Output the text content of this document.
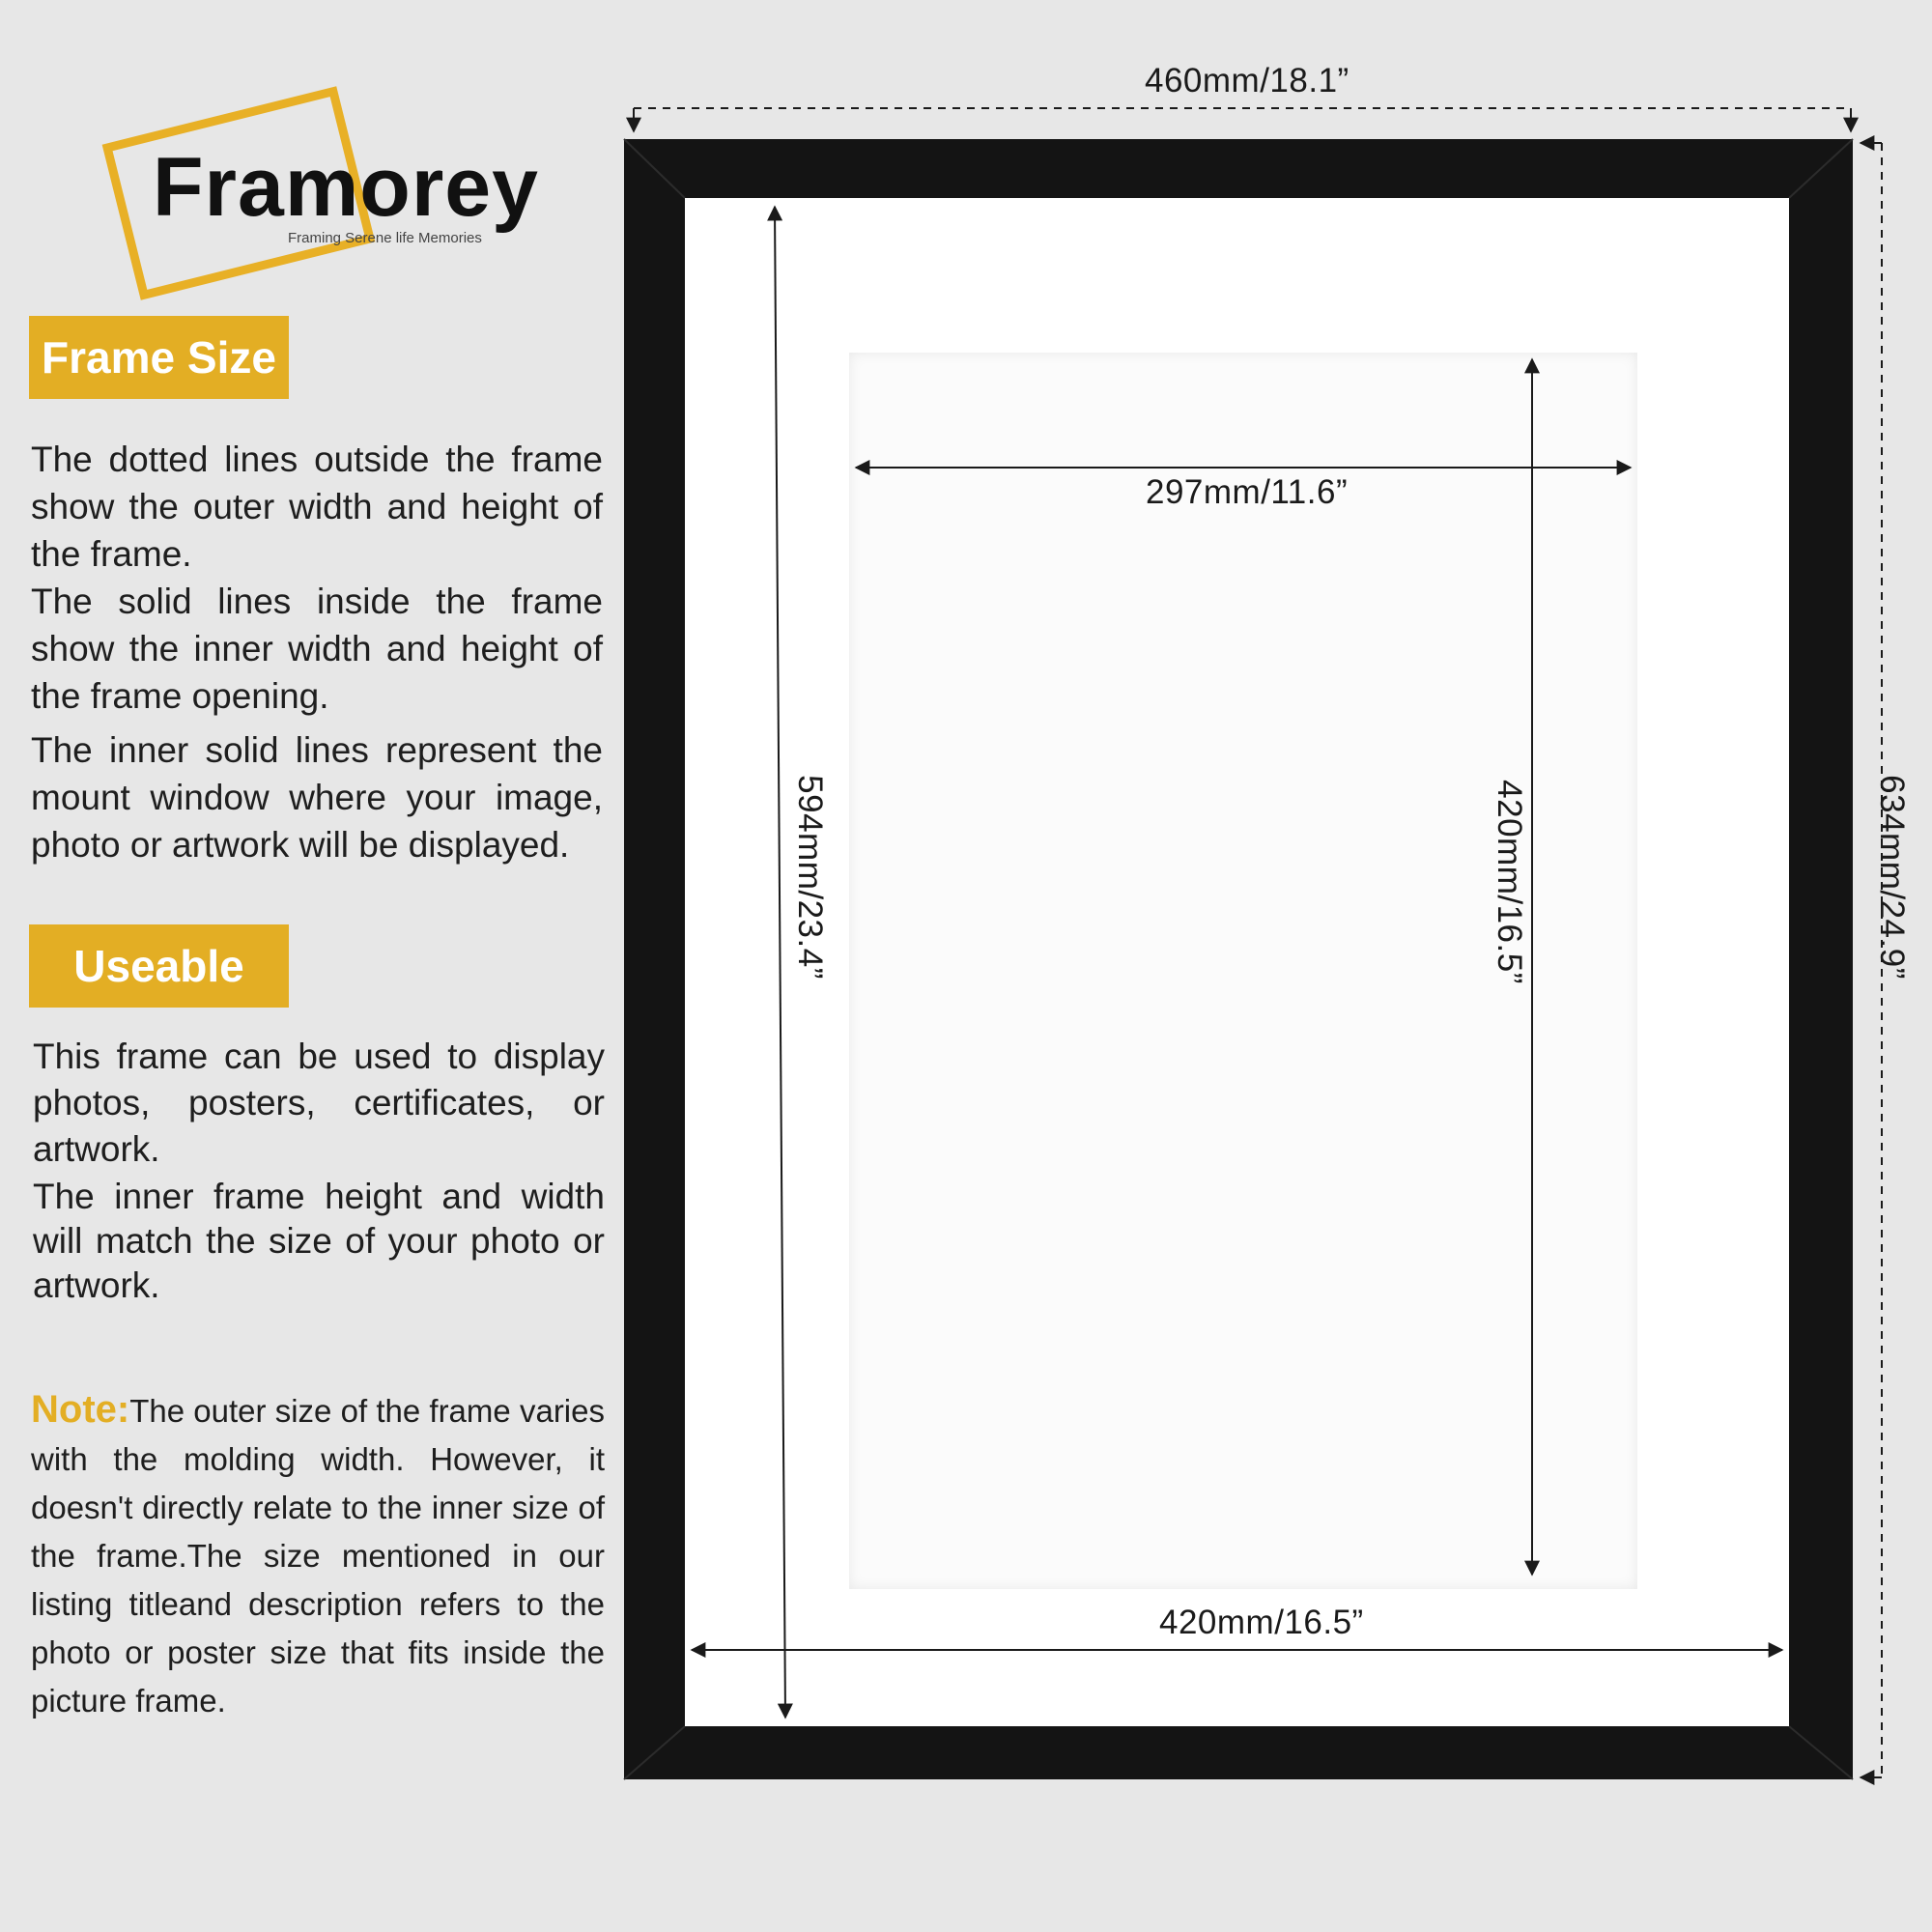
Framorey
Framing Serene life Memories
Frame Size
The dotted lines outside the frame show the outer width and height of the frame.
The solid lines inside the frame show the inner width and height of the frame opening.
The inner solid lines represent the mount window where your image, photo or artwork will be displayed.
Useable
This frame can be used to display photos, posters, certificates, or artwork.
The inner frame height and width will match the size of your photo or artwork.
Note:The outer size of the frame varies with the molding width. However, it doesn't directly relate to the inner size of the frame.The size mentioned in our listing titleand description refers to the photo or poster size that fits inside the picture frame.
460mm/18.1”
297mm/11.6”
420mm/16.5”
594mm/23.4”	420mm/16.5”	634mm/24.9”
